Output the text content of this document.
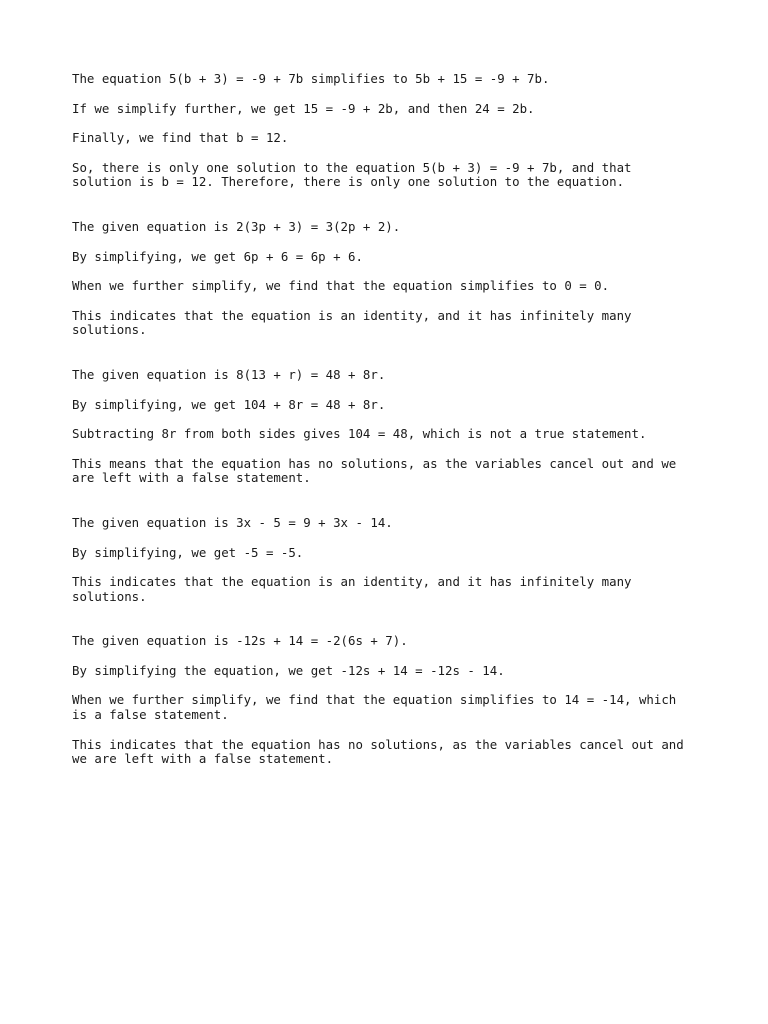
The equation 5(b + 3) = -9 + 7b simplifies to 5b + 15 = -9 + 7b.

If we simplify further, we get 15 = -9 + 2b, and then 24 = 2b.

Finally, we find that b = 12.

So, there is only one solution to the equation 5(b + 3) = -9 + 7b, and that
solution is b = 12. Therefore, there is only one solution to the equation.

The given equation is 2(3p + 3) = 3(2p + 2).

By simplifying, we get 6p + 6 = 6p + 6.

When we further simplify, we find that the equation simplifies to 0 = 0.

This indicates that the equation is an identity, and it has infinitely many
solutions.

The given equation is 8(13 + r) = 48 + 8r.

By simplifying, we get 104 + 8r = 48 + 8r.

Subtracting 8r from both sides gives 104 = 48, which is not a true statement.

This means that the equation has no solutions, as the variables cancel out and we
are left with a false statement.

The given equation is 3x - 5 = 9 + 3x - 14.

By simplifying, we get -5 = -5.

This indicates that the equation is an identity, and it has infinitely many
solutions.

The given equation is -12s + 14 = -2(6s + 7).

By simplifying the equation, we get -12s + 14 = -12s - 14.

When we further simplify, we find that the equation simplifies to 14 = -14, which
is a false statement.

This indicates that the equation has no solutions, as the variables cancel out and
we are left with a false statement.
